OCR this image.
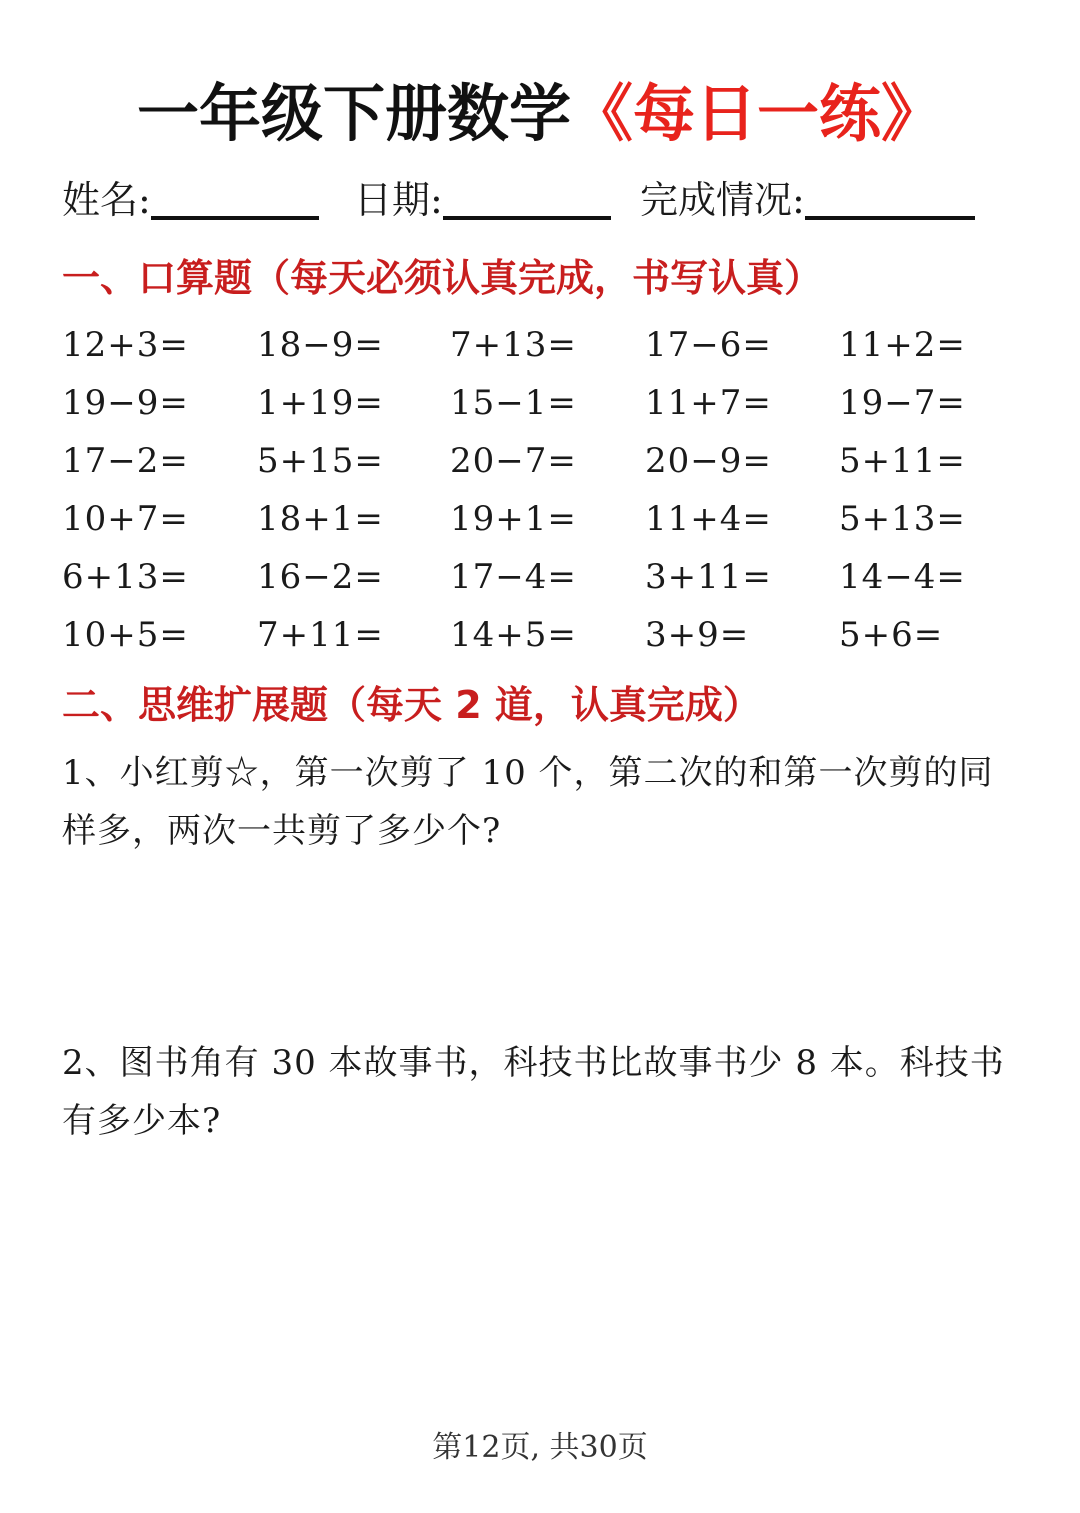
一年级下册数学《每日一练》
姓名:	日期:	完成情况:
一、口算题（每天必须认真完成，书写认真）
12+3= 18−9= 7+13= 17−6= 11+2=
19−9= 1+19= 15−1= 11+7= 19−7=
17−2= 5+15= 20−7= 20−9= 5+11=
10+7= 18+1= 19+1= 11+4= 5+13=
6+13= 16−2= 17−4= 3+11= 14−4=
10+5= 7+11= 14+5= 3+9=	5+6=
二、思维扩展题（每天 2 道，认真完成）
1、小红剪☆，第一次剪了 10 个，第二次的和第一次剪的同样多，两次一共剪了多少个?
2、图书角有 30 本故事书，科技书比故事书少 8 本。科技书有多少本?
第12页, 共30页
